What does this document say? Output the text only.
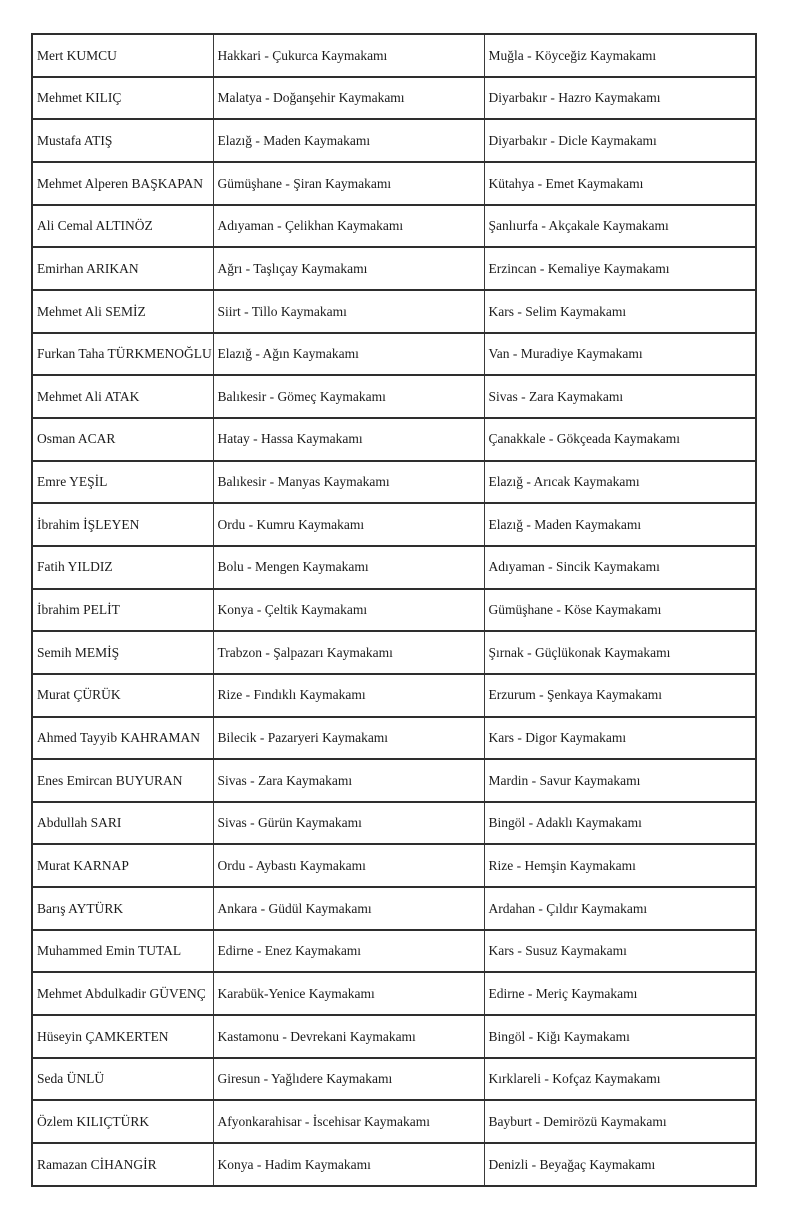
Mert KUMCU	Hakkari - Çukurca Kaymakamı	Muğla - Köyceğiz Kaymakamı
Mehmet KILIÇ	Malatya - Doğanşehir Kaymakamı	Diyarbakır - Hazro Kaymakamı
Mustafa ATIŞ	Elazığ - Maden Kaymakamı	Diyarbakır - Dicle Kaymakamı
Mehmet Alperen BAŞKAPAN	Gümüşhane - Şiran Kaymakamı	Kütahya - Emet Kaymakamı
Ali Cemal ALTINÖZ	Adıyaman - Çelikhan Kaymakamı	Şanlıurfa - Akçakale Kaymakamı
Emirhan ARIKAN	Ağrı - Taşlıçay Kaymakamı	Erzincan - Kemaliye Kaymakamı
Mehmet Ali SEMİZ	Siirt - Tillo Kaymakamı	Kars - Selim Kaymakamı
Furkan Taha TÜRKMENOĞLU	Elazığ - Ağın Kaymakamı	Van - Muradiye Kaymakamı
Mehmet Ali ATAK	Balıkesir - Gömeç Kaymakamı	Sivas - Zara Kaymakamı
Osman ACAR	Hatay - Hassa Kaymakamı	Çanakkale - Gökçeada Kaymakamı
Emre YEŞİL	Balıkesir - Manyas Kaymakamı	Elazığ - Arıcak Kaymakamı
İbrahim İŞLEYEN	Ordu - Kumru Kaymakamı	Elazığ - Maden Kaymakamı
Fatih YILDIZ	Bolu - Mengen Kaymakamı	Adıyaman - Sincik Kaymakamı
İbrahim PELİT	Konya - Çeltik Kaymakamı	Gümüşhane - Köse Kaymakamı
Semih MEMİŞ	Trabzon - Şalpazarı Kaymakamı	Şırnak - Güçlükonak Kaymakamı
Murat ÇÜRÜK	Rize - Fındıklı Kaymakamı	Erzurum - Şenkaya Kaymakamı
Ahmed Tayyib KAHRAMAN	Bilecik - Pazaryeri Kaymakamı	Kars - Digor Kaymakamı
Enes Emircan BUYURAN	Sivas - Zara Kaymakamı	Mardin - Savur Kaymakamı
Abdullah SARI	Sivas - Gürün Kaymakamı	Bingöl - Adaklı Kaymakamı
Murat KARNAP	Ordu - Aybastı Kaymakamı	Rize - Hemşin Kaymakamı
Barış AYTÜRK	Ankara - Güdül Kaymakamı	Ardahan - Çıldır Kaymakamı
Muhammed Emin TUTAL	Edirne - Enez Kaymakamı	Kars - Susuz Kaymakamı
Mehmet Abdulkadir GÜVENÇ	Karabük-Yenice Kaymakamı	Edirne - Meriç Kaymakamı
Hüseyin ÇAMKERTEN	Kastamonu - Devrekani Kaymakamı	Bingöl - Kiğı Kaymakamı
Seda ÜNLÜ	Giresun - Yağlıdere Kaymakamı	Kırklareli - Kofçaz Kaymakamı
Özlem KILIÇTÜRK	Afyonkarahisar - İscehisar Kaymakamı	Bayburt - Demirözü Kaymakamı
Ramazan CİHANGİR	Konya - Hadim Kaymakamı	Denizli - Beyağaç Kaymakamı
